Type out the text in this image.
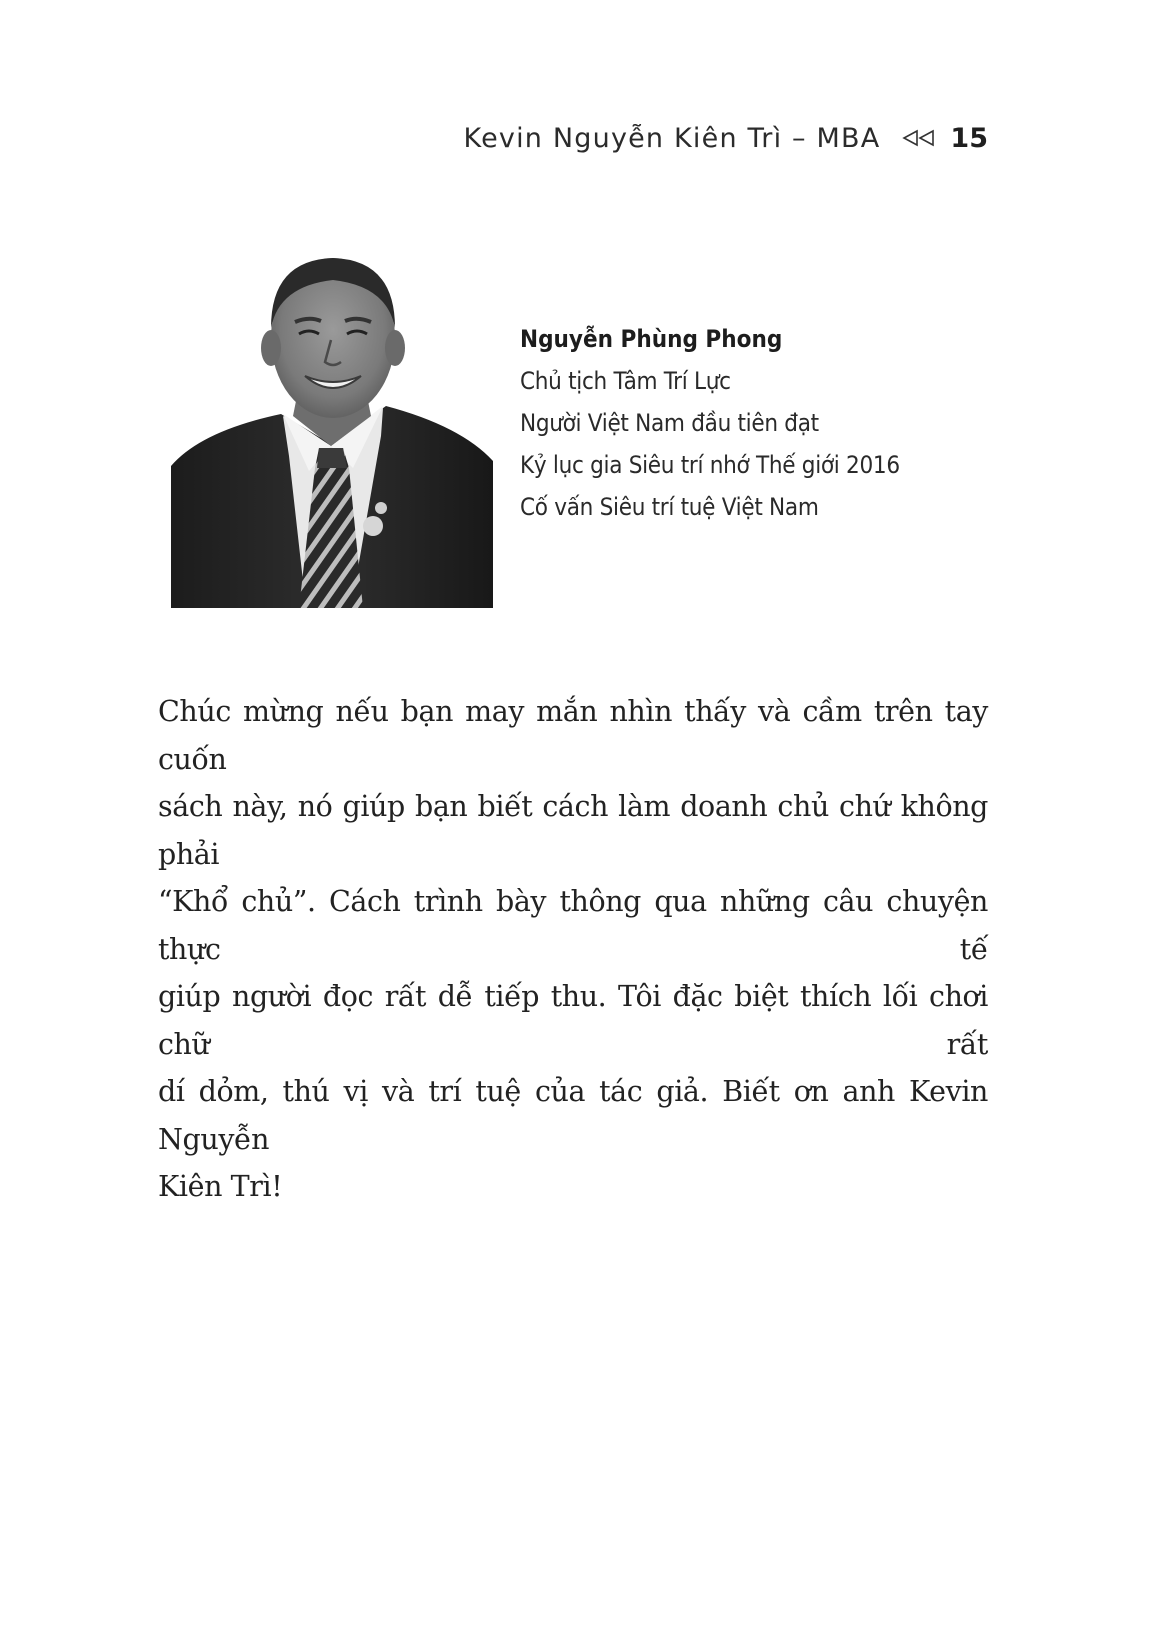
Kevin Nguyễn Kiên Trì – MBA	15
Nguyễn Phùng Phong
Chủ tịch Tâm Trí Lực
Người Việt Nam đầu tiên đạt
Kỷ lục gia Siêu trí nhớ Thế giới 2016
Cố vấn Siêu trí tuệ Việt Nam
Chúc mừng nếu bạn may mắn nhìn thấy và cầm trên tay cuốn
sách này, nó giúp bạn biết cách làm doanh chủ chứ không phải
“Khổ chủ”. Cách trình bày thông qua những câu chuyện thực tế
giúp người đọc rất dễ tiếp thu. Tôi đặc biệt thích lối chơi chữ rất
dí dỏm, thú vị và trí tuệ của tác giả. Biết ơn anh Kevin Nguyễn
Kiên Trì!
